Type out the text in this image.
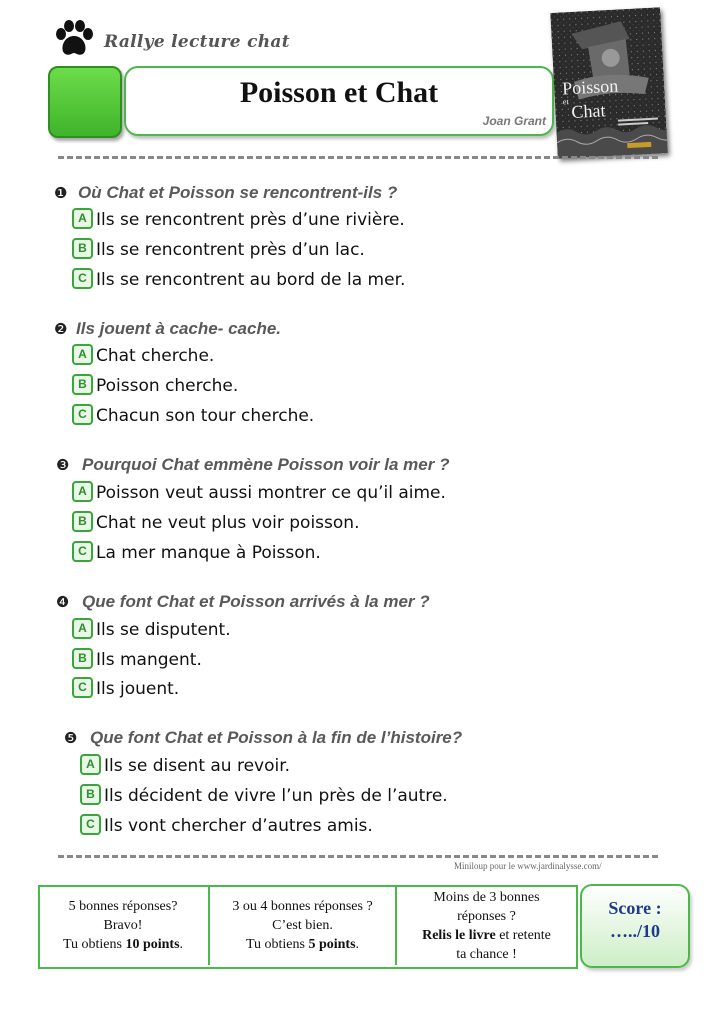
Rallye lecture chat
Poisson et Chat
Joan Grant
Poisson
et Chat
❶ Où Chat et Poisson se rencontrent-ils ?
A Ils se rencontrent près d’une rivière.
B Ils se rencontrent près d’un lac.
C Ils se rencontrent au bord de la mer.
❷ Ils jouent à cache- cache.
A Chat cherche.
B Poisson cherche.
C Chacun son tour cherche.
❸ Pourquoi Chat emmène Poisson voir la mer ?
A Poisson veut aussi montrer ce qu’il aime.
B Chat ne veut plus voir poisson.
C La mer manque à Poisson.
❹ Que font Chat et Poisson arrivés à la mer ?
A Ils se disputent.
B Ils mangent.
C Ils jouent.
❺ Que font Chat et Poisson à la fin de l’histoire?
A Ils se disent au revoir.
B Ils décident de vivre l’un près de l’autre.
C Ils vont chercher d’autres amis.
Miniloup pour le www.jardinalysse.com/
5 bonnes réponses?
Bravo!
Tu obtiens 10 points.
3 ou 4 bonnes réponses ?
C’est bien.
Tu obtiens 5 points.
Moins de 3 bonnes
réponses ?
Relis le livre et retente
ta chance !
Score :
…../10
